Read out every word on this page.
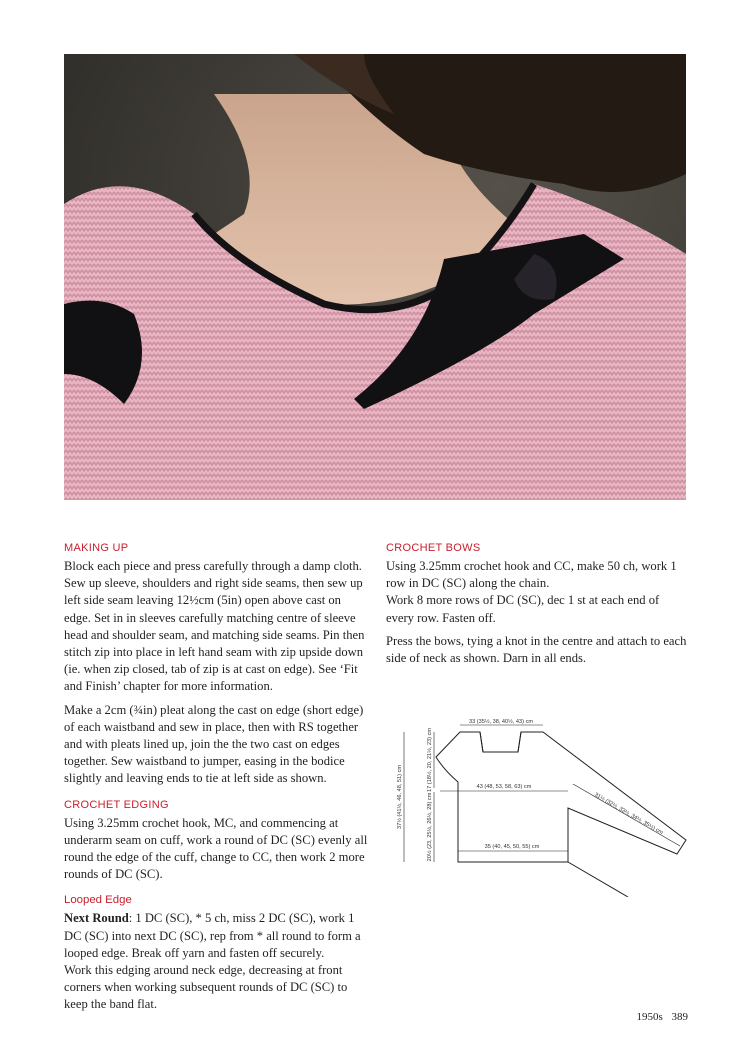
MAKING UP

Block each piece and press carefully through a damp cloth. Sew up sleeve, shoulders and right side seams, then sew up left side seam leaving 12½cm (5in) open above cast on edge. Set in in sleeves carefully matching centre of sleeve head and shoulder seam, and matching side seams. Pin then stitch zip into place in left hand seam with zip upside down (ie. when zip closed, tab of zip is at cast on edge). See ‘Fit and Finish’ chapter for more information.

Make a 2cm (¾in) pleat along the cast on edge (short edge) of each waistband and sew in place, then with RS together and with pleats lined up, join the the two cast on edges together. Sew waistband to jumper, easing in the bodice slightly and leaving ends to tie at left side as shown.

CROCHET EDGING

Using 3.25mm crochet hook, MC, and commencing at underarm seam on cuff, work a round of DC (SC) evenly all round the edge of the cuff, change to CC, then work 2 more rounds of DC (SC).

Looped Edge

Next Round: 1 DC (SC), * 5 ch, miss 2 DC (SC), work 1 DC (SC) into next DC (SC), rep from * all round to form a looped edge. Break off yarn and fasten off securely.

Work this edging around neck edge, decreasing at front corners when working subsequent rounds of DC (SC) to keep the band flat.

CROCHET BOWS

Using 3.25mm crochet hook and CC, make 50 ch, work 1 row in DC (SC) along the chain.

Work 8 more rows of DC (SC), dec 1 st at each end of every row. Fasten off.

Press the bows, tying a knot in the centre and attach to each side of neck as shown. Darn in all ends.

33 (35½, 38, 40½, 43) cm
43 (48, 53, 58, 63) cm
35 (40, 45, 50, 55) cm
31½ (32½, 33½, 34½, 35½) cm
17 (18½, 20, 21½, 23) cm
20½ (23, 25½, 26½, 28) cm
37½ (41½, 46, 48, 51) cm
1950s 389
